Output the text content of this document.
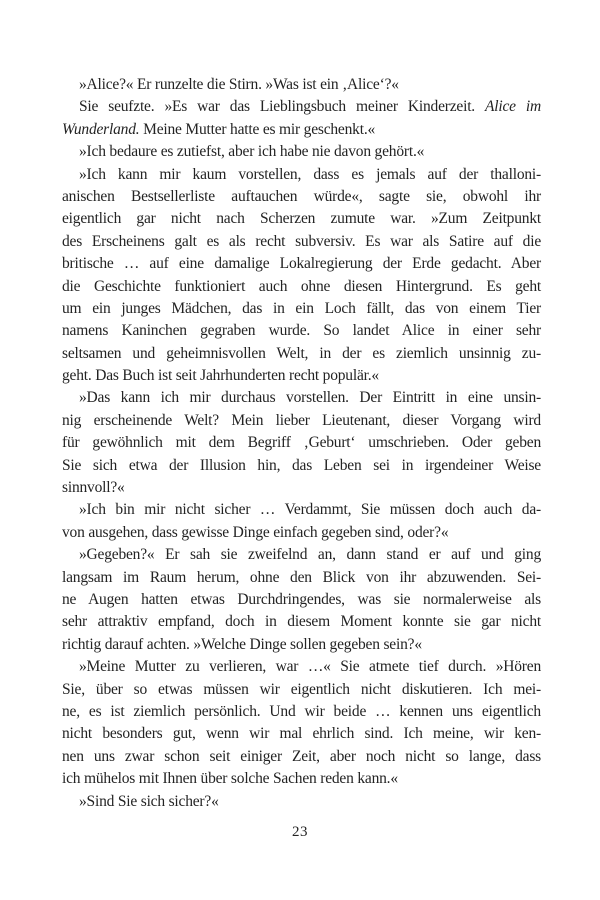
»Alice?« Er runzelte die Stirn. »Was ist ein ‚Alice‘?«
Sie seufzte. »Es war das Lieblingsbuch meiner Kinderzeit. Alice im
Wunderland. Meine Mutter hatte es mir geschenkt.«
»Ich bedaure es zutiefst, aber ich habe nie davon gehört.«
»Ich kann mir kaum vorstellen, dass es jemals auf der thalloni-
anischen Bestsellerliste auftauchen würde«, sagte sie, obwohl ihr
eigentlich gar nicht nach Scherzen zumute war. »Zum Zeitpunkt
des Erscheinens galt es als recht subversiv. Es war als Satire auf die
britische … auf eine damalige Lokalregierung der Erde gedacht. Aber
die Geschichte funktioniert auch ohne diesen Hintergrund. Es geht
um ein junges Mädchen, das in ein Loch fällt, das von einem Tier
namens Kaninchen gegraben wurde. So landet Alice in einer sehr
seltsamen und geheimnisvollen Welt, in der es ziemlich unsinnig zu-
geht. Das Buch ist seit Jahrhunderten recht populär.«
»Das kann ich mir durchaus vorstellen. Der Eintritt in eine unsin-
nig erscheinende Welt? Mein lieber Lieutenant, dieser Vorgang wird
für gewöhnlich mit dem Begriff ‚Geburt‘ umschrieben. Oder geben
Sie sich etwa der Illusion hin, das Leben sei in irgendeiner Weise
sinnvoll?«
»Ich bin mir nicht sicher … Verdammt, Sie müssen doch auch da-
von ausgehen, dass gewisse Dinge einfach gegeben sind, oder?«
»Gegeben?« Er sah sie zweifelnd an, dann stand er auf und ging
langsam im Raum herum, ohne den Blick von ihr abzuwenden. Sei-
ne Augen hatten etwas Durchdringendes, was sie normalerweise als
sehr attraktiv empfand, doch in diesem Moment konnte sie gar nicht
richtig darauf achten. »Welche Dinge sollen gegeben sein?«
»Meine Mutter zu verlieren, war …« Sie atmete tief durch. »Hören
Sie, über so etwas müssen wir eigentlich nicht diskutieren. Ich mei-
ne, es ist ziemlich persönlich. Und wir beide … kennen uns eigentlich
nicht besonders gut, wenn wir mal ehrlich sind. Ich meine, wir ken-
nen uns zwar schon seit einiger Zeit, aber noch nicht so lange, dass
ich mühelos mit Ihnen über solche Sachen reden kann.«
»Sind Sie sich sicher?«
23
